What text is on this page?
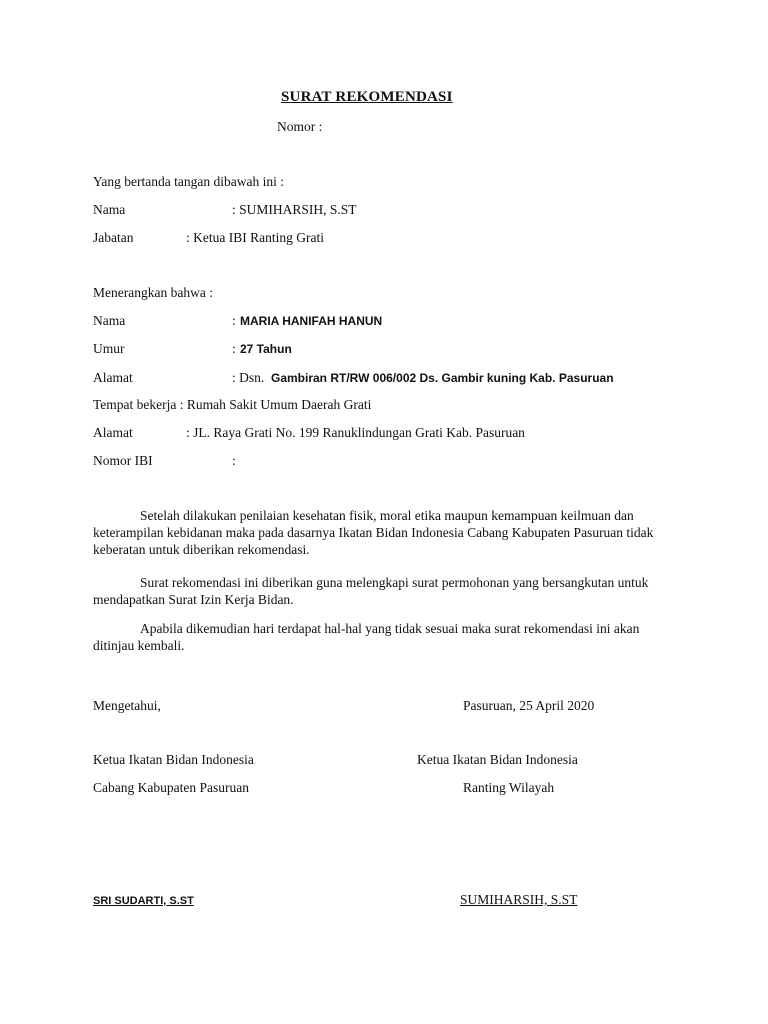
SURAT REKOMENDASI
Nomor :
Yang bertanda tangan dibawah ini :
Nama	: SUMIHARSIH, S.ST
Jabatan	: Ketua IBI Ranting Grati
Menerangkan bahwa :
Nama	: MARIA HANIFAH HANUN
Umur	: 27 Tahun
Alamat	: Dsn. Gambiran RT/RW 006/002 Ds. Gambir kuning Kab. Pasuruan
Tempat bekerja : Rumah Sakit Umum Daerah Grati
Alamat	: JL. Raya Grati No. 199 Ranuklindungan Grati Kab. Pasuruan
Nomor IBI	:
Setelah dilakukan penilaian kesehatan fisik, moral etika maupun kemampuan keilmuan dan keterampilan kebidanan maka pada dasarnya Ikatan Bidan Indonesia Cabang Kabupaten Pasuruan tidak keberatan untuk diberikan rekomendasi.
Surat rekomendasi ini diberikan guna melengkapi surat permohonan yang bersangkutan untuk mendapatkan Surat Izin Kerja Bidan.
Apabila dikemudian hari terdapat hal-hal yang tidak sesuai maka surat rekomendasi ini akan ditinjau kembali.
Mengetahui,	Pasuruan, 25 April 2020
Ketua Ikatan Bidan Indonesia	Ketua Ikatan Bidan Indonesia
Cabang Kabupaten Pasuruan	Ranting Wilayah
SRI SUDARTI, S.ST	SUMIHARSIH, S.ST
